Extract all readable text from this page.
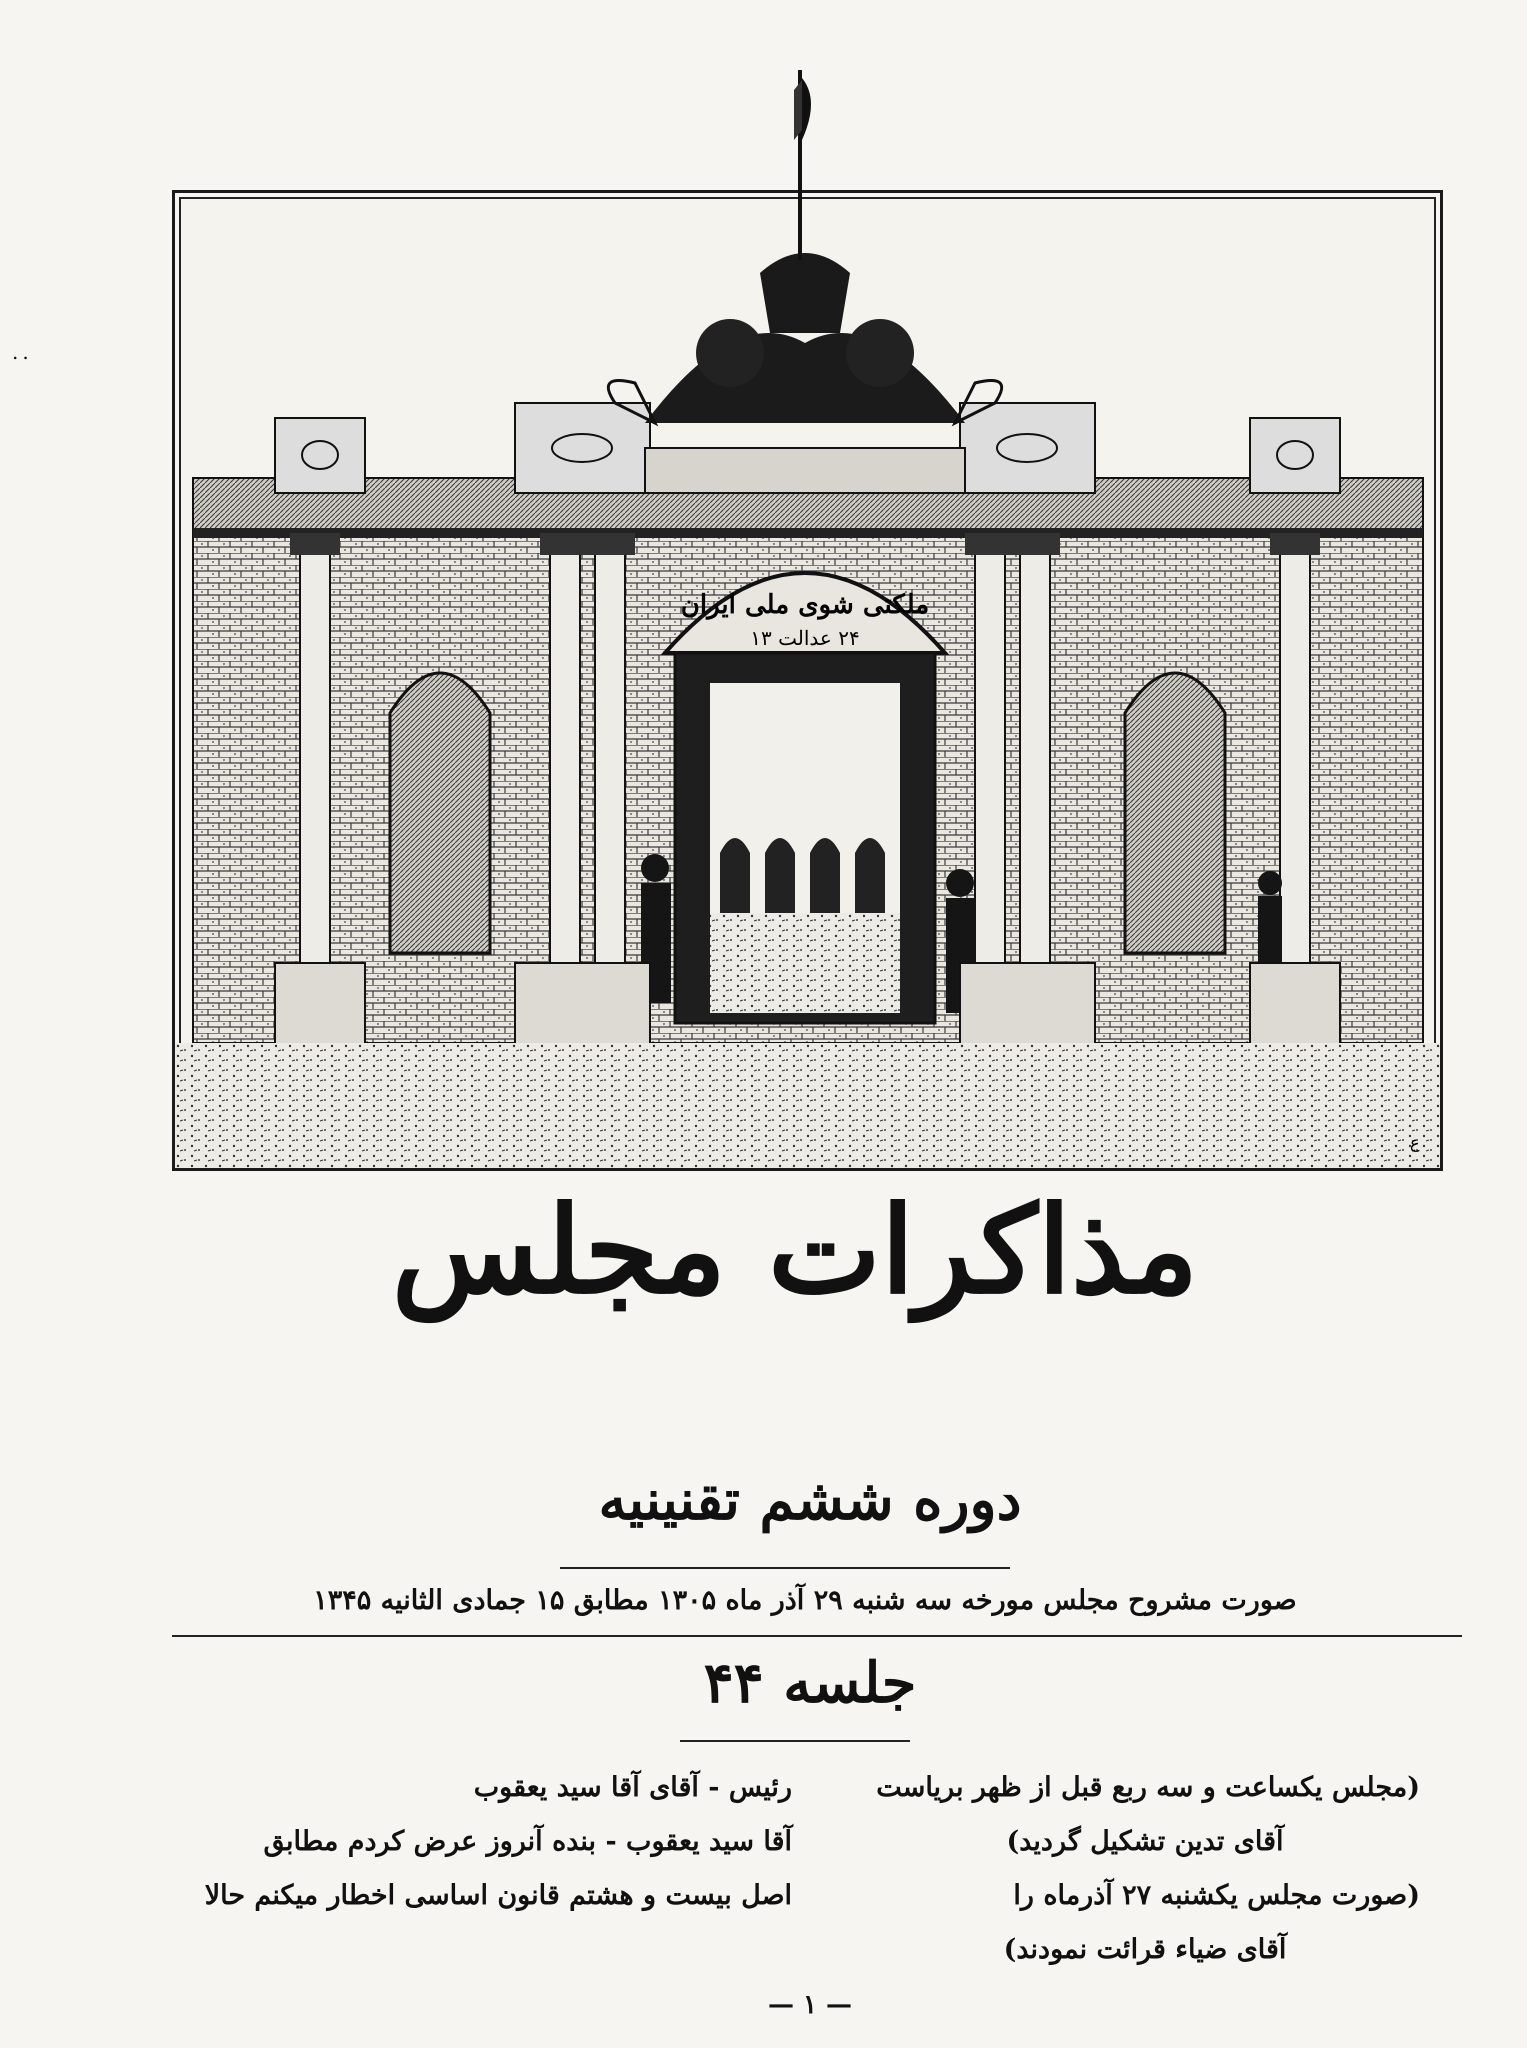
..
ملکتی شوی ملی ایران
۲۴ عدالت ۱۳
ع
مذاکرات مجلس
دوره ششم تقنینیه
صورت مشروح مجلس مورخه سه شنبه ۲۹ آذر ماه ۱۳۰۵ مطابق ۱۵ جمادی الثانیه ۱۳۴۵
جلسه ۴۴

(مجلس یکساعت و سه ربع قبل از ظهر بریاست

آقای تدین تشکیل گردید)

(صورت مجلس یکشنبه ۲۷ آذرماه را

آقای ضیاء قرائت نمودند)

رئیس - آقای آقا سید یعقوب

آقا سید یعقوب - بنده آنروز عرض کردم مطابق

اصل بیست و هشتم قانون اساسی اخطار میکنم حالا

— ۱ —
